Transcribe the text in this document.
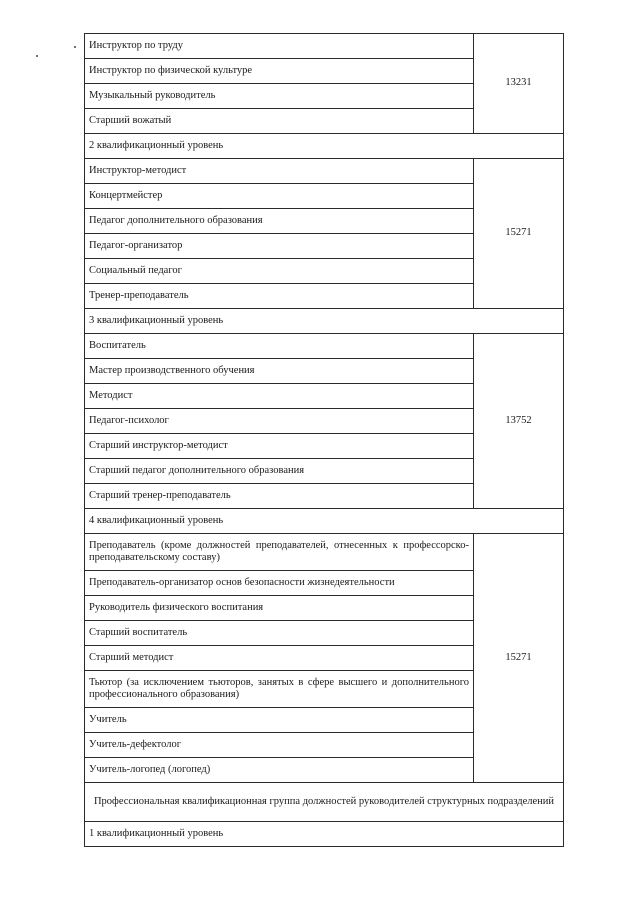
Инструктор по труду	13231
Инструктор по физической культуре	
Музыкальный руководитель	
Старший вожатый	
2 квалификационный уровень	
Инструктор-методист	15271
Концертмейстер	
Педагог дополнительного образования	
Педагог-организатор	
Социальный педагог	
Тренер-преподаватель	
3 квалификационный уровень	
Воспитатель	13752
Мастер производственного обучения	
Методист	
Педагог-психолог	
Старший инструктор-методист	
Старший педагог дополнительного образования	
Старший тренер-преподаватель	
4 квалификационный уровень	
Преподаватель (кроме должностей преподавателей, отнесенных к профессорско-преподавательскому составу)	15271
Преподаватель-организатор основ безопасности жизнедеятельности	
Руководитель физического воспитания	
Старший воспитатель	
Старший методист	
Тьютор (за исключением тьюторов, занятых в сфере высшего и дополнительного профессионального образования)	
Учитель	
Учитель-дефектолог	
Учитель-логопед (логопед)	
Профессиональная квалификационная группа должностей руководителей структурных подразделений	
1 квалификационный уровень	
